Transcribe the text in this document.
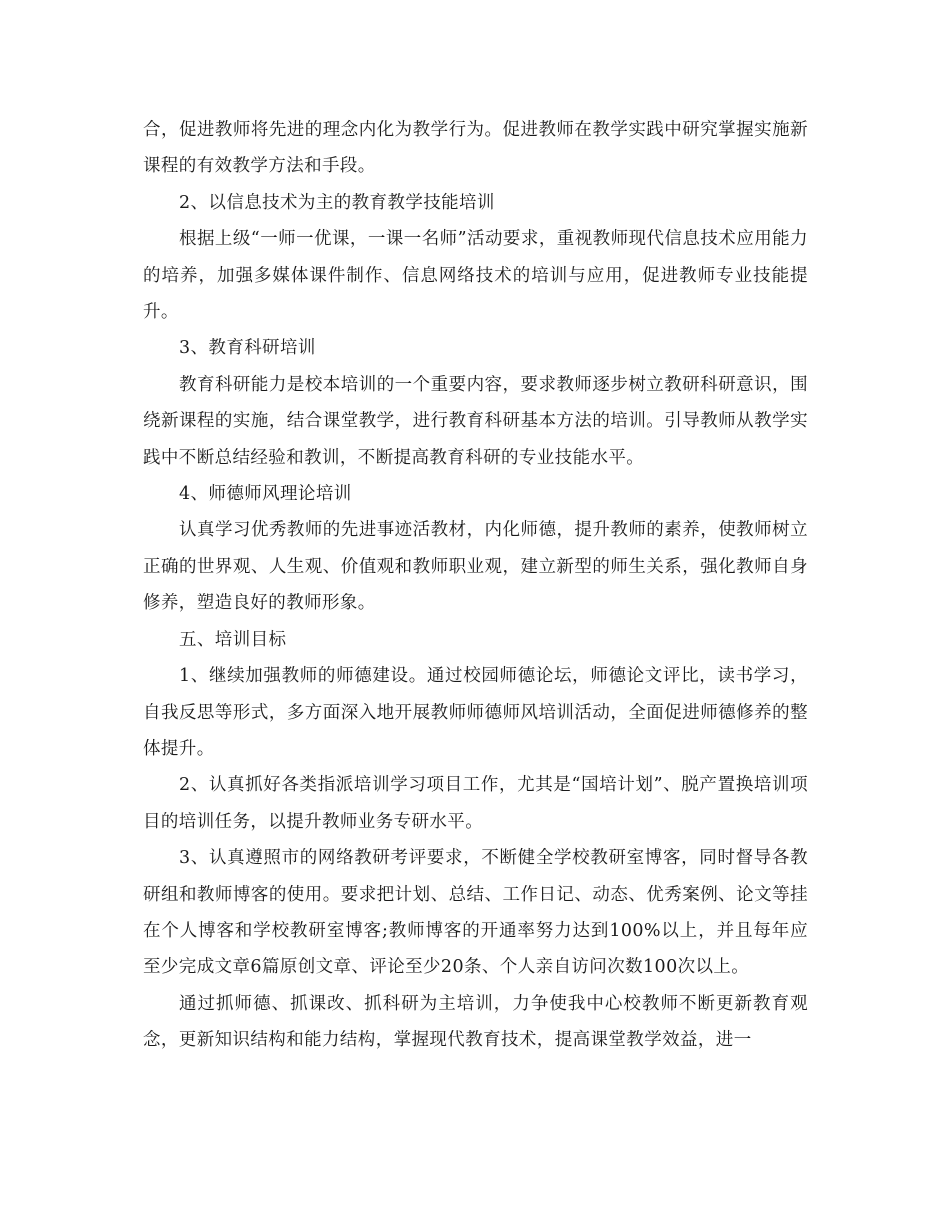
合，促进教师将先进的理念内化为教学行为。促进教师在教学实践中研究掌握实施新课程的有效教学方法和手段。

2、以信息技术为主的教育教学技能培训

根据上级“一师一优课，一课一名师”活动要求，重视教师现代信息技术应用能力的培养，加强多媒体课件制作、信息网络技术的培训与应用，促进教师专业技能提升。

3、教育科研培训

教育科研能力是校本培训的一个重要内容，要求教师逐步树立教研科研意识，围绕新课程的实施，结合课堂教学，进行教育科研基本方法的培训。引导教师从教学实践中不断总结经验和教训，不断提高教育科研的专业技能水平。

4、师德师风理论培训

认真学习优秀教师的先进事迹活教材，内化师德，提升教师的素养，使教师树立正确的世界观、人生观、价值观和教师职业观，建立新型的师生关系，强化教师自身修养，塑造良好的教师形象。

五、培训目标

1、继续加强教师的师德建设。通过校园师德论坛，师德论文评比，读书学习，自我反思等形式，多方面深入地开展教师师德师风培训活动，全面促进师德修养的整体提升。

2、认真抓好各类指派培训学习项目工作，尤其是“国培计划”、脱产置换培训项目的培训任务，以提升教师业务专研水平。

3、认真遵照市的网络教研考评要求，不断健全学校教研室博客，同时督导各教研组和教师博客的使用。要求把计划、总结、工作日记、动态、优秀案例、论文等挂在个人博客和学校教研室博客;教师博客的开通率努力达到100%以上，并且每年应至少完成文章6篇原创文章、评论至少20条、个人亲自访问次数100次以上。

通过抓师德、抓课改、抓科研为主培训，力争使我中心校教师不断更新教育观念，更新知识结构和能力结构，掌握现代教育技术，提高课堂教学效益，进一
